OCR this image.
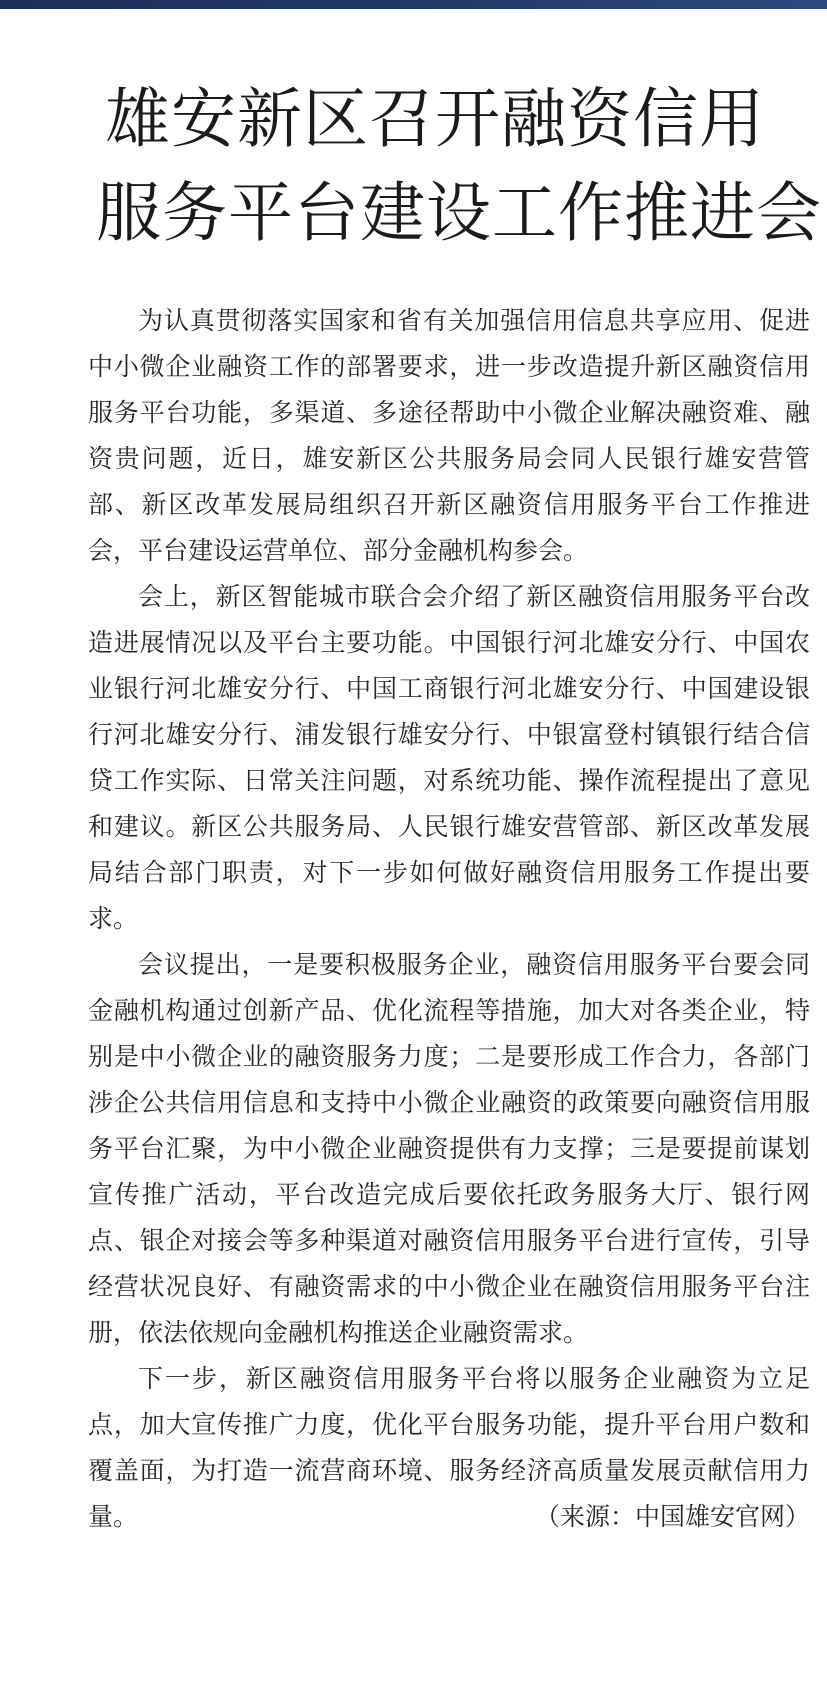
雄安新区召开融资信用
服务平台建设工作推进会

为认真贯彻落实国家和省有关加强信用信息共享应用、促进中小微企业融资工作的部署要求，进一步改造提升新区融资信用服务平台功能，多渠道、多途径帮助中小微企业解决融资难、融资贵问题，近日，雄安新区公共服务局会同人民银行雄安营管部、新区改革发展局组织召开新区融资信用服务平台工作推进会，平台建设运营单位、部分金融机构参会。

会上，新区智能城市联合会介绍了新区融资信用服务平台改造进展情况以及平台主要功能。中国银行河北雄安分行、中国农业银行河北雄安分行、中国工商银行河北雄安分行、中国建设银行河北雄安分行、浦发银行雄安分行、中银富登村镇银行结合信贷工作实际、日常关注问题，对系统功能、操作流程提出了意见和建议。新区公共服务局、人民银行雄安营管部、新区改革发展局结合部门职责，对下一步如何做好融资信用服务工作提出要求。

会议提出，一是要积极服务企业，融资信用服务平台要会同金融机构通过创新产品、优化流程等措施，加大对各类企业，特别是中小微企业的融资服务力度；二是要形成工作合力，各部门涉企公共信用信息和支持中小微企业融资的政策要向融资信用服务平台汇聚，为中小微企业融资提供有力支撑；三是要提前谋划宣传推广活动，平台改造完成后要依托政务服务大厅、银行网点、银企对接会等多种渠道对融资信用服务平台进行宣传，引导经营状况良好、有融资需求的中小微企业在融资信用服务平台注册，依法依规向金融机构推送企业融资需求。

下一步，新区融资信用服务平台将以服务企业融资为立足点，加大宣传推广力度，优化平台服务功能，提升平台用户数和覆盖面，为打造一流营商环境、服务经济高质量发展贡献信用力量。	（来源：中国雄安官网）
